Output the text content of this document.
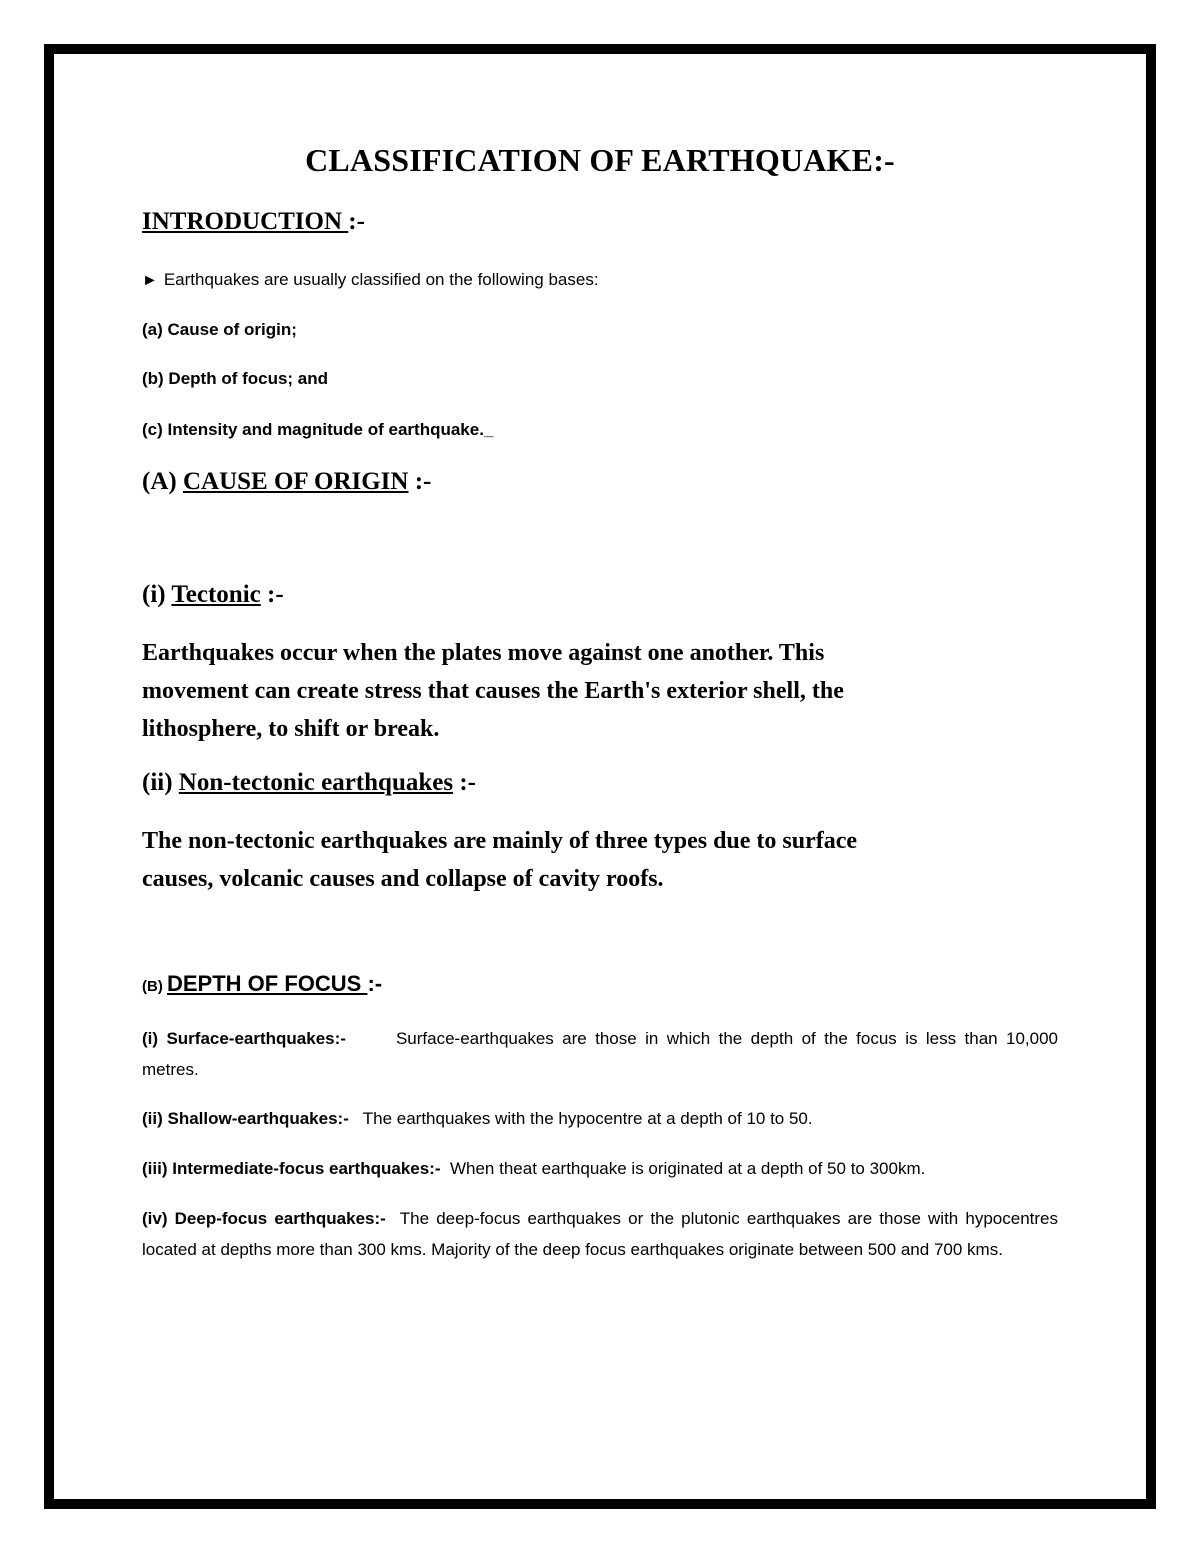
CLASSIFICATION OF EARTHQUAKE:-
INTRODUCTION :-
► Earthquakes are usually classified on the following bases:
(a) Cause of origin;
(b) Depth of focus; and
(c) Intensity and magnitude of earthquake._
(A) CAUSE OF ORIGIN :-
(i) Tectonic :-
Earthquakes occur when the plates move against one another. This
movement can create stress that causes the Earth's exterior shell, the
lithosphere, to shift or break.
(ii) Non-tectonic earthquakes :-
The non-tectonic earthquakes are mainly of three types due to surface
causes, volcanic causes and collapse of cavity roofs.
(B) DEPTH OF FOCUS :-
(i) Surface-earthquakes:-	Surface-earthquakes are those in which the depth of the focus is less than 10,000 metres.
(ii) Shallow-earthquakes:- The earthquakes with the hypocentre at a depth of 10 to 50.
(iii) Intermediate-focus earthquakes:- When theat earthquake is originated at a depth of 50 to 300km.
(iv) Deep-focus earthquakes:- The deep-focus earthquakes or the plutonic earthquakes are those with hypocentres located at depths more than 300 kms. Majority of the deep focus earthquakes originate between 500 and 700 kms.
